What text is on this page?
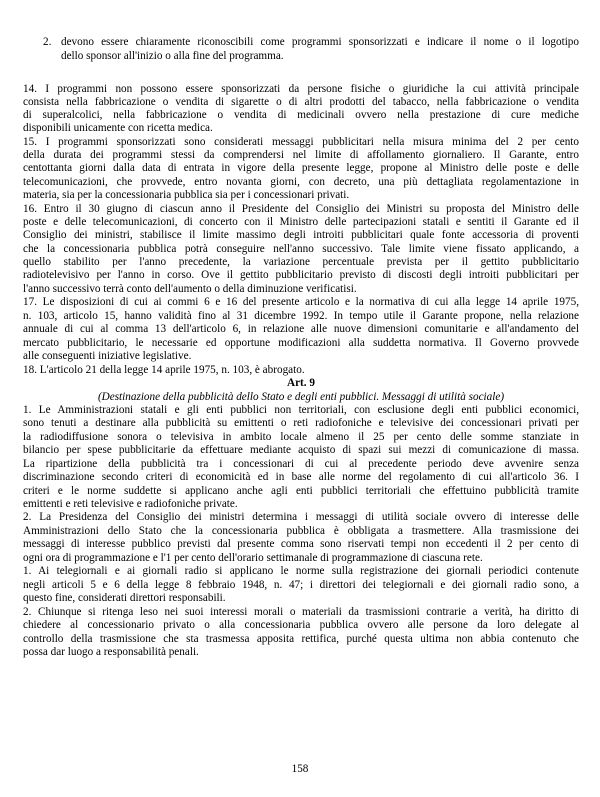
2. devono essere chiaramente riconoscibili come programmi sponsorizzati e indicare il nome o il logotipo
dello sponsor all'inizio o alla fine del programma.
14. I programmi non possono essere sponsorizzati da persone fisiche o giuridiche la cui attività principale
consista nella fabbricazione o vendita di sigarette o di altri prodotti del tabacco, nella fabbricazione o vendita
di superalcolici, nella fabbricazione o vendita di medicinali ovvero nella prestazione di cure mediche
disponibili unicamente con ricetta medica.
15. I programmi sponsorizzati sono considerati messaggi pubblicitari nella misura minima del 2 per cento
della durata dei programmi stessi da comprendersi nel limite di affollamento giornaliero. Il Garante, entro
centottanta giorni dalla data di entrata in vigore della presente legge, propone al Ministro delle poste e delle
telecomunicazioni, che provvede, entro novanta giorni, con decreto, una più dettagliata regolamentazione in
materia, sia per la concessionaria pubblica sia per i concessionari privati.
16. Entro il 30 giugno di ciascun anno il Presidente del Consiglio dei Ministri su proposta del Ministro delle
poste e delle telecomunicazioni, di concerto con il Ministro delle partecipazioni statali e sentiti il Garante ed il
Consiglio dei ministri, stabilisce il limite massimo degli introiti pubblicitari quale fonte accessoria di proventi
che la concessionaria pubblica potrà conseguire nell'anno successivo. Tale limite viene fissato applicando, a
quello stabilito per l'anno precedente, la variazione percentuale prevista per il gettito pubblicitario
radiotelevisivo per l'anno in corso. Ove il gettito pubblicitario previsto di discosti degli introiti pubblicitari per
l'anno successivo terrà conto dell'aumento o della diminuzione verificatisi.
17. Le disposizioni di cui ai commi 6 e 16 del presente articolo e la normativa di cui alla legge 14 aprile 1975,
n. 103, articolo 15, hanno validità fino al 31 dicembre 1992. In tempo utile il Garante propone, nella relazione
annuale di cui al comma 13 dell'articolo 6, in relazione alle nuove dimensioni comunitarie e all'andamento del
mercato pubblicitario, le necessarie ed opportune modificazioni alla suddetta normativa. Il Governo provvede
alle conseguenti iniziative legislative.
18. L'articolo 21 della legge 14 aprile 1975, n. 103, è abrogato.
Art. 9
(Destinazione della pubblicità dello Stato e degli enti pubblici. Messaggi di utilità sociale)
1. Le Amministrazioni statali e gli enti pubblici non territoriali, con esclusione degli enti pubblici economici,
sono tenuti a destinare alla pubblicità su emittenti o reti radiofoniche e televisive dei concessionari privati per
la radiodiffusione sonora o televisiva in ambito locale almeno il 25 per cento delle somme stanziate in
bilancio per spese pubblicitarie da effettuare mediante acquisto di spazi sui mezzi di comunicazione di massa.
La ripartizione della pubblicità tra i concessionari di cui al precedente periodo deve avvenire senza
discriminazione secondo criteri di economicità ed in base alle norme del regolamento di cui all'articolo 36. I
criteri e le norme suddette si applicano anche agli enti pubblici territoriali che effettuino pubblicità tramite
emittenti e reti televisive e radiofoniche private.
2. La Presidenza del Consiglio dei ministri determina i messaggi di utilità sociale ovvero di interesse delle
Amministrazioni dello Stato che la concessionaria pubblica è obbligata a trasmettere. Alla trasmissione dei
messaggi di interesse pubblico previsti dal presente comma sono riservati tempi non eccedenti il 2 per cento di
ogni ora di programmazione e l'1 per cento dell'orario settimanale di programmazione di ciascuna rete.
1. Ai telegiornali e ai giornali radio si applicano le norme sulla registrazione dei giornali periodici contenute
negli articoli 5 e 6 della legge 8 febbraio 1948, n. 47; i direttori dei telegiornali e dei giornali radio sono, a
questo fine, considerati direttori responsabili.
2. Chiunque si ritenga leso nei suoi interessi morali o materiali da trasmissioni contrarie a verità, ha diritto di
chiedere al concessionario privato o alla concessionaria pubblica ovvero alle persone da loro delegate al
controllo della trasmissione che sta trasmessa apposita rettifica, purché questa ultima non abbia contenuto che
possa dar luogo a responsabilità penali.
158
